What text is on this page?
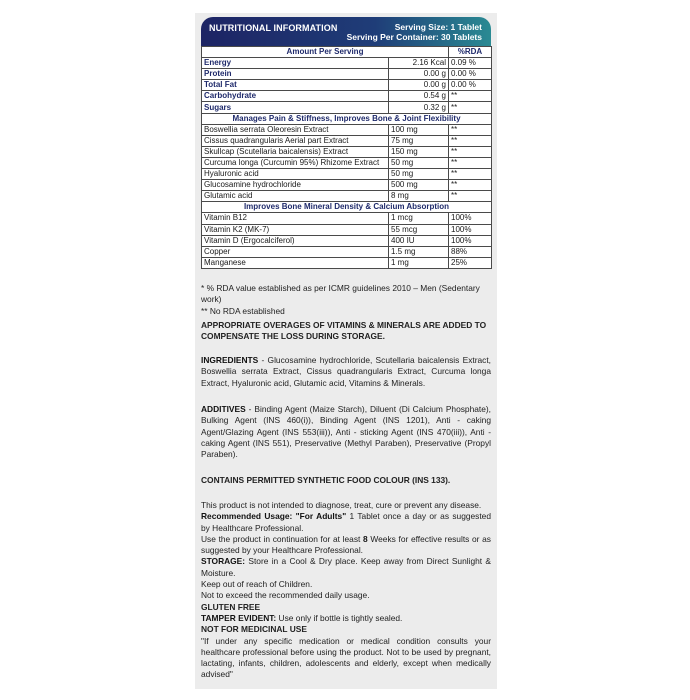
NUTRITIONAL INFORMATION	Serving Size: 1 Tablet
Serving Per Container: 30 Tablets
Amount Per Serving		%RDA
Energy	2.16 Kcal	0.09 %
Protein	0.00 g	0.00 %
Total Fat	0.00 g	0.00 %
Carbohydrate	0.54 g	**
Sugars	0.32 g	**
Manages Pain & Stiffness, Improves Bone & Joint Flexibility		
Boswellia serrata Oleoresin Extract	100 mg	**
Cissus quadrangularis Aerial part Extract	75 mg	**
Skullcap (Scutellaria baicalensis) Extract	150 mg	**
Curcuma longa (Curcumin 95%) Rhizome Extract	50 mg	**
Hyaluronic acid	50 mg	**
Glucosamine hydrochloride	500 mg	**
Glutamic acid	8 mg	**
Improves Bone Mineral Density & Calcium Absorption		
Vitamin B12	1 mcg	100%
Vitamin K2 (MK-7)	55 mcg	100%
Vitamin D (Ergocalciferol)	400 IU	100%
Copper	1.5 mg	88%
Manganese	1 mg	25%
* % RDA value established as per ICMR guidelines 2010 – Men (Sedentary work)
** No RDA established
APPROPRIATE OVERAGES OF VITAMINS & MINERALS ARE ADDED TO COMPENSATE THE LOSS DURING STORAGE.
INGREDIENTS - Glucosamine hydrochloride, Scutellaria baicalensis Extract, Boswellia serrata Extract, Cissus quadrangularis Extract, Curcuma longa Extract, Hyaluronic acid, Glutamic acid, Vitamins & Minerals.
ADDITIVES - Binding Agent (Maize Starch), Diluent (Di Calcium Phosphate), Bulking Agent (INS 460(i)), Binding Agent (INS 1201), Anti - caking Agent/Glazing Agent (INS 553(iii)), Anti - sticking Agent (INS 470(iii)), Anti - caking Agent (INS 551), Preservative (Methyl Paraben), Preservative (Propyl Paraben).
CONTAINS PERMITTED SYNTHETIC FOOD COLOUR (INS 133).
This product is not intended to diagnose, treat, cure or prevent any disease.
Recommended Usage: "For Adults" 1 Tablet once a day or as suggested by Healthcare Professional.
Use the product in continuation for at least 8 Weeks for effective results or as suggested by your Healthcare Professional.
STORAGE: Store in a Cool & Dry place. Keep away from Direct Sunlight & Moisture.
Keep out of reach of Children.
Not to exceed the recommended daily usage.
GLUTEN FREE
TAMPER EVIDENT: Use only if bottle is tightly sealed.
NOT FOR MEDICINAL USE
"If under any specific medication or medical condition consults your healthcare professional before using the product. Not to be used by pregnant, lactating, infants, children, adolescents and elderly, except when medically advised"
